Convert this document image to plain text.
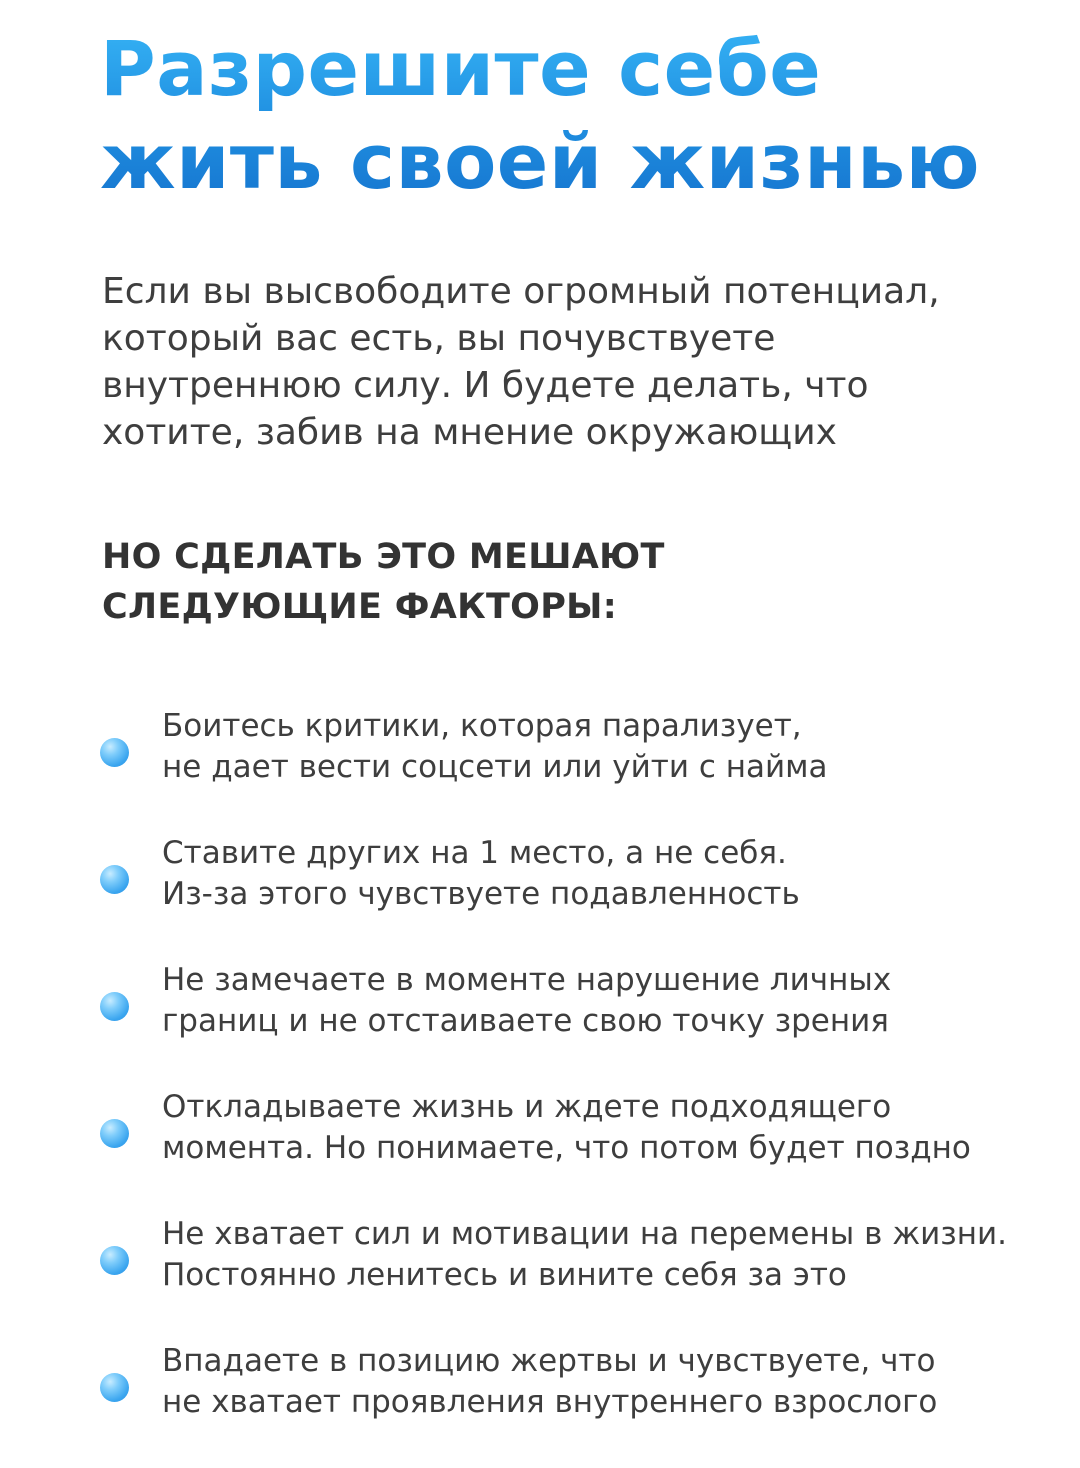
Разрешите себе
жить своей жизнью

Если вы высвободите огромный потенциал,
который вас есть, вы почувствуете
внутреннюю силу. И будете делать, что
хотите, забив на мнение окружающих

НО СДЕЛАТЬ ЭТО МЕШАЮТ
СЛЕДУЮЩИЕ ФАКТОРЫ:
Боитесь критики, которая парализует,
не дает вести соцсети или уйти с найма
Ставите других на 1 место, а не себя.
Из-за этого чувствуете подавленность
Не замечаете в моменте нарушение личных
границ и не отстаиваете свою точку зрения
Откладываете жизнь и ждете подходящего
момента. Но понимаете, что потом будет поздно
Не хватает сил и мотивации на перемены в жизни.
Постоянно ленитесь и вините себя за это
Впадаете в позицию жертвы и чувствуете, что
не хватает проявления внутреннего взрослого
